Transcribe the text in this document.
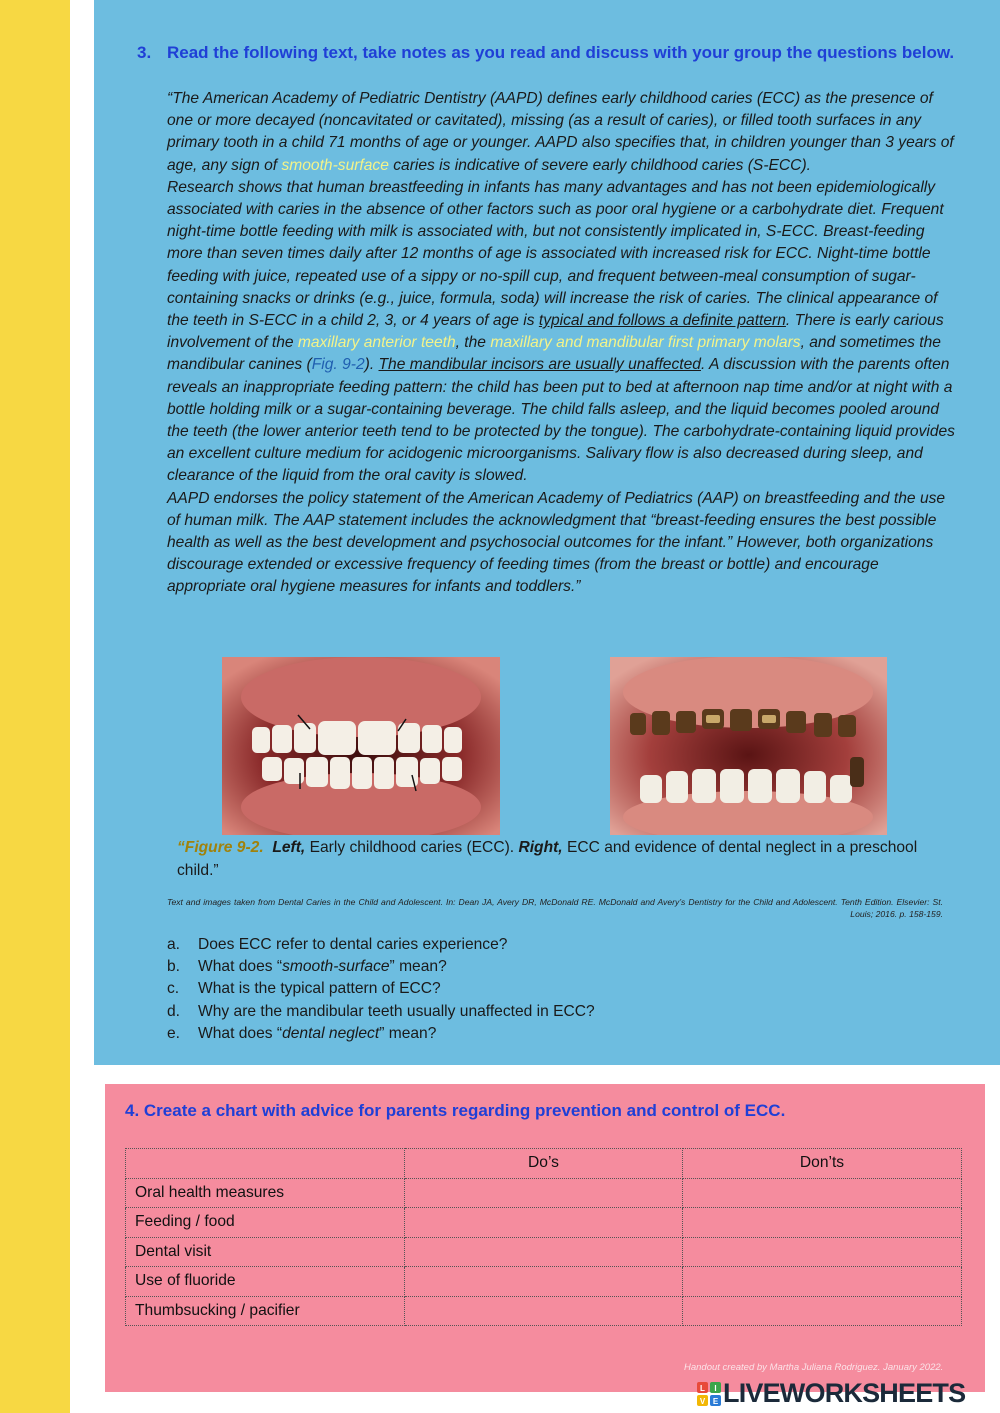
3. Read the following text, take notes as you read and discuss with your group the questions below.

“The American Academy of Pediatric Dentistry (AAPD) defines early childhood caries (ECC) as the presence of one or more decayed (noncavitated or cavitated), missing (as a result of caries), or filled tooth surfaces in any primary tooth in a child 71 months of age or younger. AAPD also specifies that, in children younger than 3 years of age, any sign of smooth-surface caries is indicative of severe early childhood caries (S-ECC).

Research shows that human breastfeeding in infants has many advantages and has not been epidemiologically associated with caries in the absence of other factors such as poor oral hygiene or a carbohydrate diet. Frequent night-time bottle feeding with milk is associated with, but not consistently implicated in, S-ECC. Breast-feeding more than seven times daily after 12 months of age is associated with increased risk for ECC. Night-time bottle feeding with juice, repeated use of a sippy or no-spill cup, and frequent between-meal consumption of sugar-containing snacks or drinks (e.g., juice, formula, soda) will increase the risk of caries. The clinical appearance of the teeth in S-ECC in a child 2, 3, or 4 years of age is typical and follows a definite pattern. There is early carious involvement of the maxillary anterior teeth, the maxillary and mandibular first primary molars, and sometimes the mandibular canines (Fig. 9-2). The mandibular incisors are usually unaffected. A discussion with the parents often reveals an inappropriate feeding pattern: the child has been put to bed at afternoon nap time and/or at night with a bottle holding milk or a sugar-containing beverage. The child falls asleep, and the liquid becomes pooled around the teeth (the lower anterior teeth tend to be protected by the tongue). The carbohydrate-containing liquid provides an excellent culture medium for acidogenic microorganisms. Salivary flow is also decreased during sleep, and clearance of the liquid from the oral cavity is slowed.

AAPD endorses the policy statement of the American Academy of Pediatrics (AAP) on breastfeeding and the use of human milk. The AAP statement includes the acknowledgment that “breast-feeding ensures the best possible health as well as the best development and psychosocial outcomes for the infant.” However, both organizations discourage extended or excessive frequency of feeding times (from the breast or bottle) and encourage appropriate oral hygiene measures for infants and toddlers.”

“Figure 9-2. Left, Early childhood caries (ECC). Right, ECC and evidence of dental neglect in a preschool child.”
Text and images taken from Dental Caries in the Child and Adolescent. In: Dean JA, Avery DR, McDonald RE. McDonald and Avery’s Dentistry for the Child and Adolescent. Tenth Edition. Elsevier: St. Louis; 2016. p. 158-159.
a. Does ECC refer to dental caries experience?
b. What does “smooth-surface” mean?
c. What is the typical pattern of ECC?
d. Why are the mandibular teeth usually unaffected in ECC?
e. What does “dental neglect” mean?
4. Create a chart with advice for parents regarding prevention and control of ECC.
	Do’s	Don’ts
Oral health measures		
Feeding / food		
Dental visit		
Use of fluoride		
Thumbsucking / pacifier		
Handout created by Martha Juliana Rodriguez. January 2022.
L I
V E LIVEWORKSHEETS
